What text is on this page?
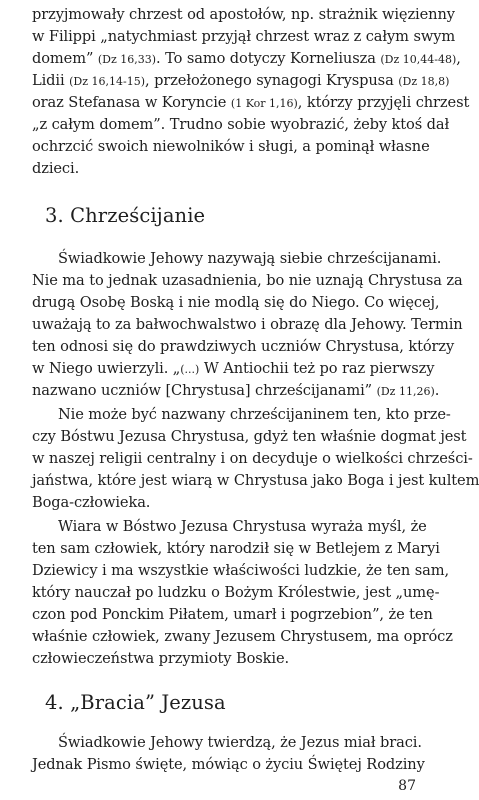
przyjmowały chrzest od apostołów, np. strażnik więzienny
w Filippi „natychmiast przyjął chrzest wraz z całym swym
domem” (Dz 16,33). To samo dotyczy Korneliusza (Dz 10,44-48),
Lidii (Dz 16,14-15), przełożonego synagogi Kryspusa (Dz 18,8)
oraz Stefanasa w Koryncie (1 Kor 1,16), którzy przyjęli chrzest
„z całym domem”. Trudno sobie wyobrazić, żeby ktoś dał
ochrzcić swoich niewolników i sługi, a pominął własne
dzieci.
3. Chrześcijanie
Świadkowie Jehowy nazywają siebie chrześcijanami.
Nie ma to jednak uzasadnienia, bo nie uznają Chrystusa za
drugą Osobę Boską i nie modlą się do Niego. Co więcej,
uważają to za bałwochwalstwo i obrazę dla Jehowy. Termin
ten odnosi się do prawdziwych uczniów Chrystusa, którzy
w Niego uwierzyli. „(...) W Antiochii też po raz pierwszy
nazwano uczniów [Chrystusa] chrześcijanami” (Dz 11,26).
Nie może być nazwany chrześcijaninem ten, kto prze-
czy Bóstwu Jezusa Chrystusa, gdyż ten właśnie dogmat jest
w naszej religii centralny i on decyduje o wielkości chrześci-
jaństwa, które jest wiarą w Chrystusa jako Boga i jest kultem
Boga-człowieka.
Wiara w Bóstwo Jezusa Chrystusa wyraża myśl, że
ten sam człowiek, który narodził się w Betlejem z Maryi
Dziewicy i ma wszystkie właściwości ludzkie, że ten sam,
który nauczał po ludzku o Bożym Królestwie, jest „umę-
czon pod Ponckim Piłatem, umarł i pogrzebion”, że ten
właśnie człowiek, zwany Jezusem Chrystusem, ma oprócz
człowieczeństwa przymioty Boskie.
4. „Bracia” Jezusa
Świadkowie Jehowy twierdzą, że Jezus miał braci.
Jednak Pismo święte, mówiąc o życiu Świętej Rodziny
87
